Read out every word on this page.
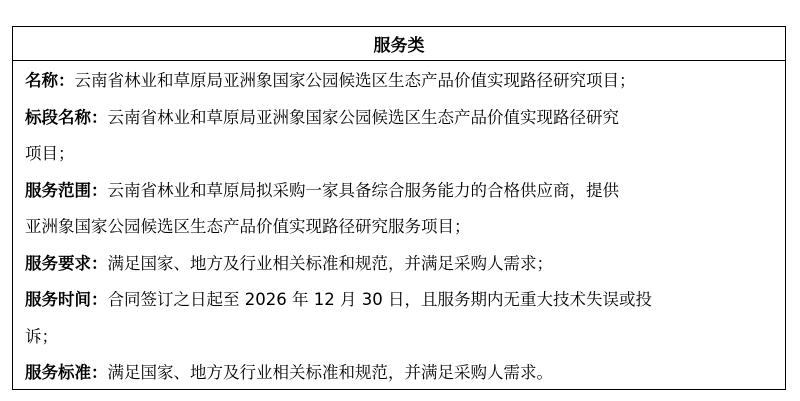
服务类

名称：云南省林业和草原局亚洲象国家公园候选区生态产品价值实现路径研究项目；

标段名称：云南省林业和草原局亚洲象国家公园候选区生态产品价值实现路径研究

项目；

服务范围：云南省林业和草原局拟采购一家具备综合服务能力的合格供应商，提供

亚洲象国家公园候选区生态产品价值实现路径研究服务项目；

服务要求：满足国家、地方及行业相关标准和规范，并满足采购人需求；

服务时间：合同签订之日起至 2026 年 12 月 30 日，且服务期内无重大技术失误或投

诉；

服务标准：满足国家、地方及行业相关标准和规范，并满足采购人需求。
